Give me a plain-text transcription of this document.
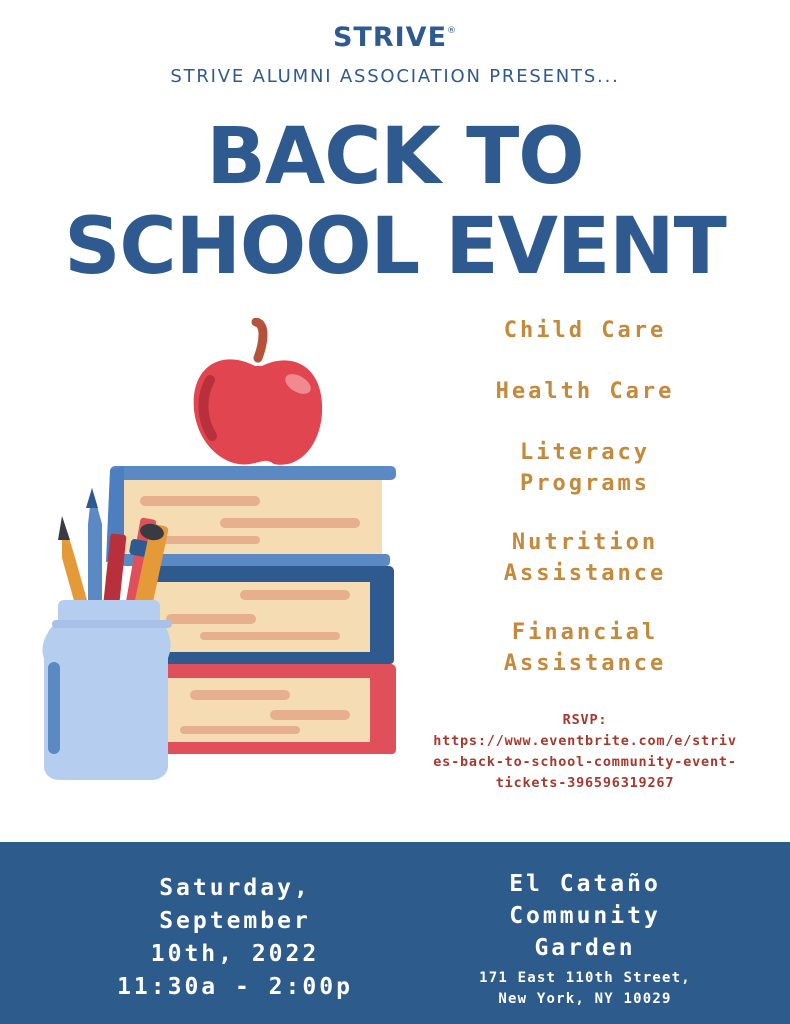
STRIVE®
STRIVE ALUMNI ASSOCIATION PRESENTS...
BACK TO
SCHOOL EVENT
Child Care
Health Care
Literacy Programs
Nutrition Assistance
Financial Assistance
RSVP:
https://www.eventbrite.com/e/strives-back-to-school-community-event-tickets-396596319267
Saturday,
September
10th, 2022
11:30a - 2:00p
El Cataño
Community
Garden
171 East 110th Street,
New York, NY 10029
